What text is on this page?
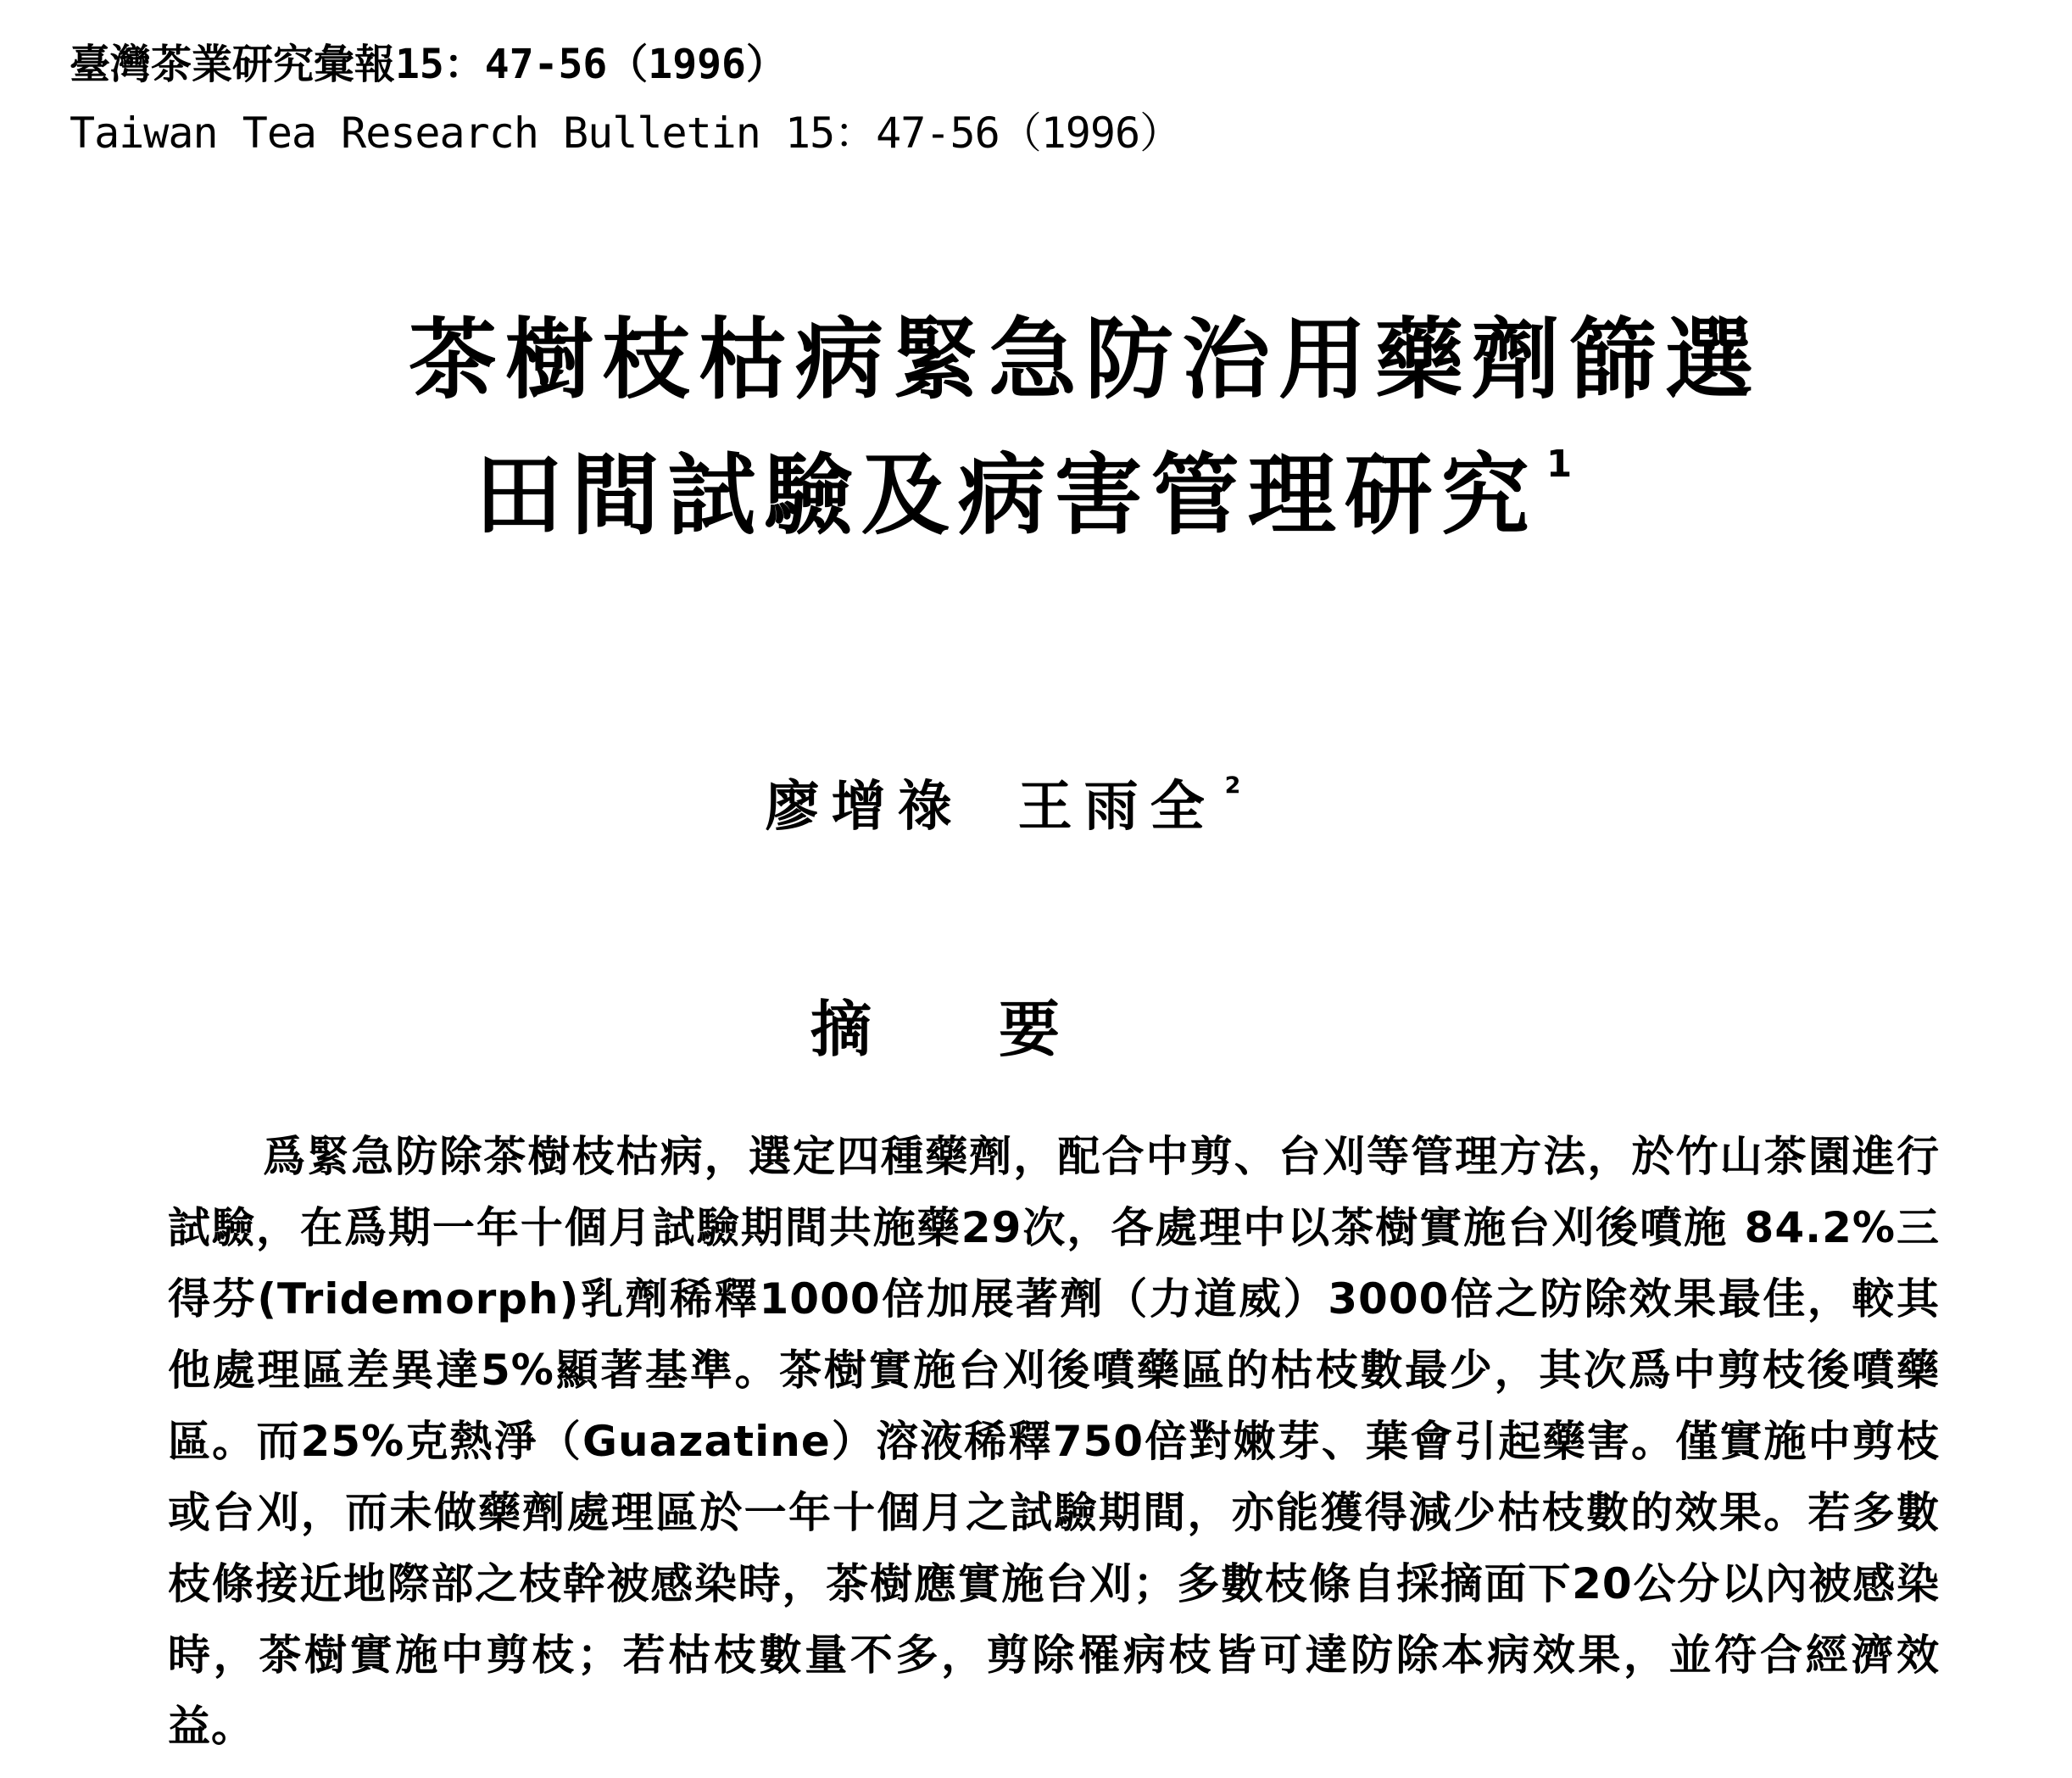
臺灣茶業研究彙報15：47-56（1996）

Taiwan Tea Research Bulletin 15：47-56（1996）

茶樹枝枯病緊急防治用藥劑篩選
田間試驗及病害管理研究 $^1$

廖增祿 王雨全 $^2$

摘要

爲緊急防除茶樹枝枯病，選定四種藥劑，配合中剪、台刈等管理方法，於竹山茶園進行試驗，在爲期一年十個月試驗期間共施藥29次，各處理中以茶樹實施台刈後噴施 84.2%三得芬(Tridemorph)乳劑稀釋1000倍加展著劑（力道威）3000倍之防除效果最佳，較其他處理區差異達5%顯著基準。茶樹實施台刈後噴藥區的枯枝數最少，其次爲中剪枝後噴藥區。而25%克熱淨（Guazatine）溶液稀釋750倍對嫩芽、葉會引起藥害。僅實施中剪枝或台刈，而未做藥劑處理區於一年十個月之試驗期間，亦能獲得減少枯枝數的效果。若多數枝條接近地際部之枝幹被感染時，茶樹應實施台刈；多數枝條自採摘面下20公分以內被感染時，茶樹實施中剪枝；若枯枝數量不多，剪除罹病枝皆可達防除本病效果，並符合經濟效益。
